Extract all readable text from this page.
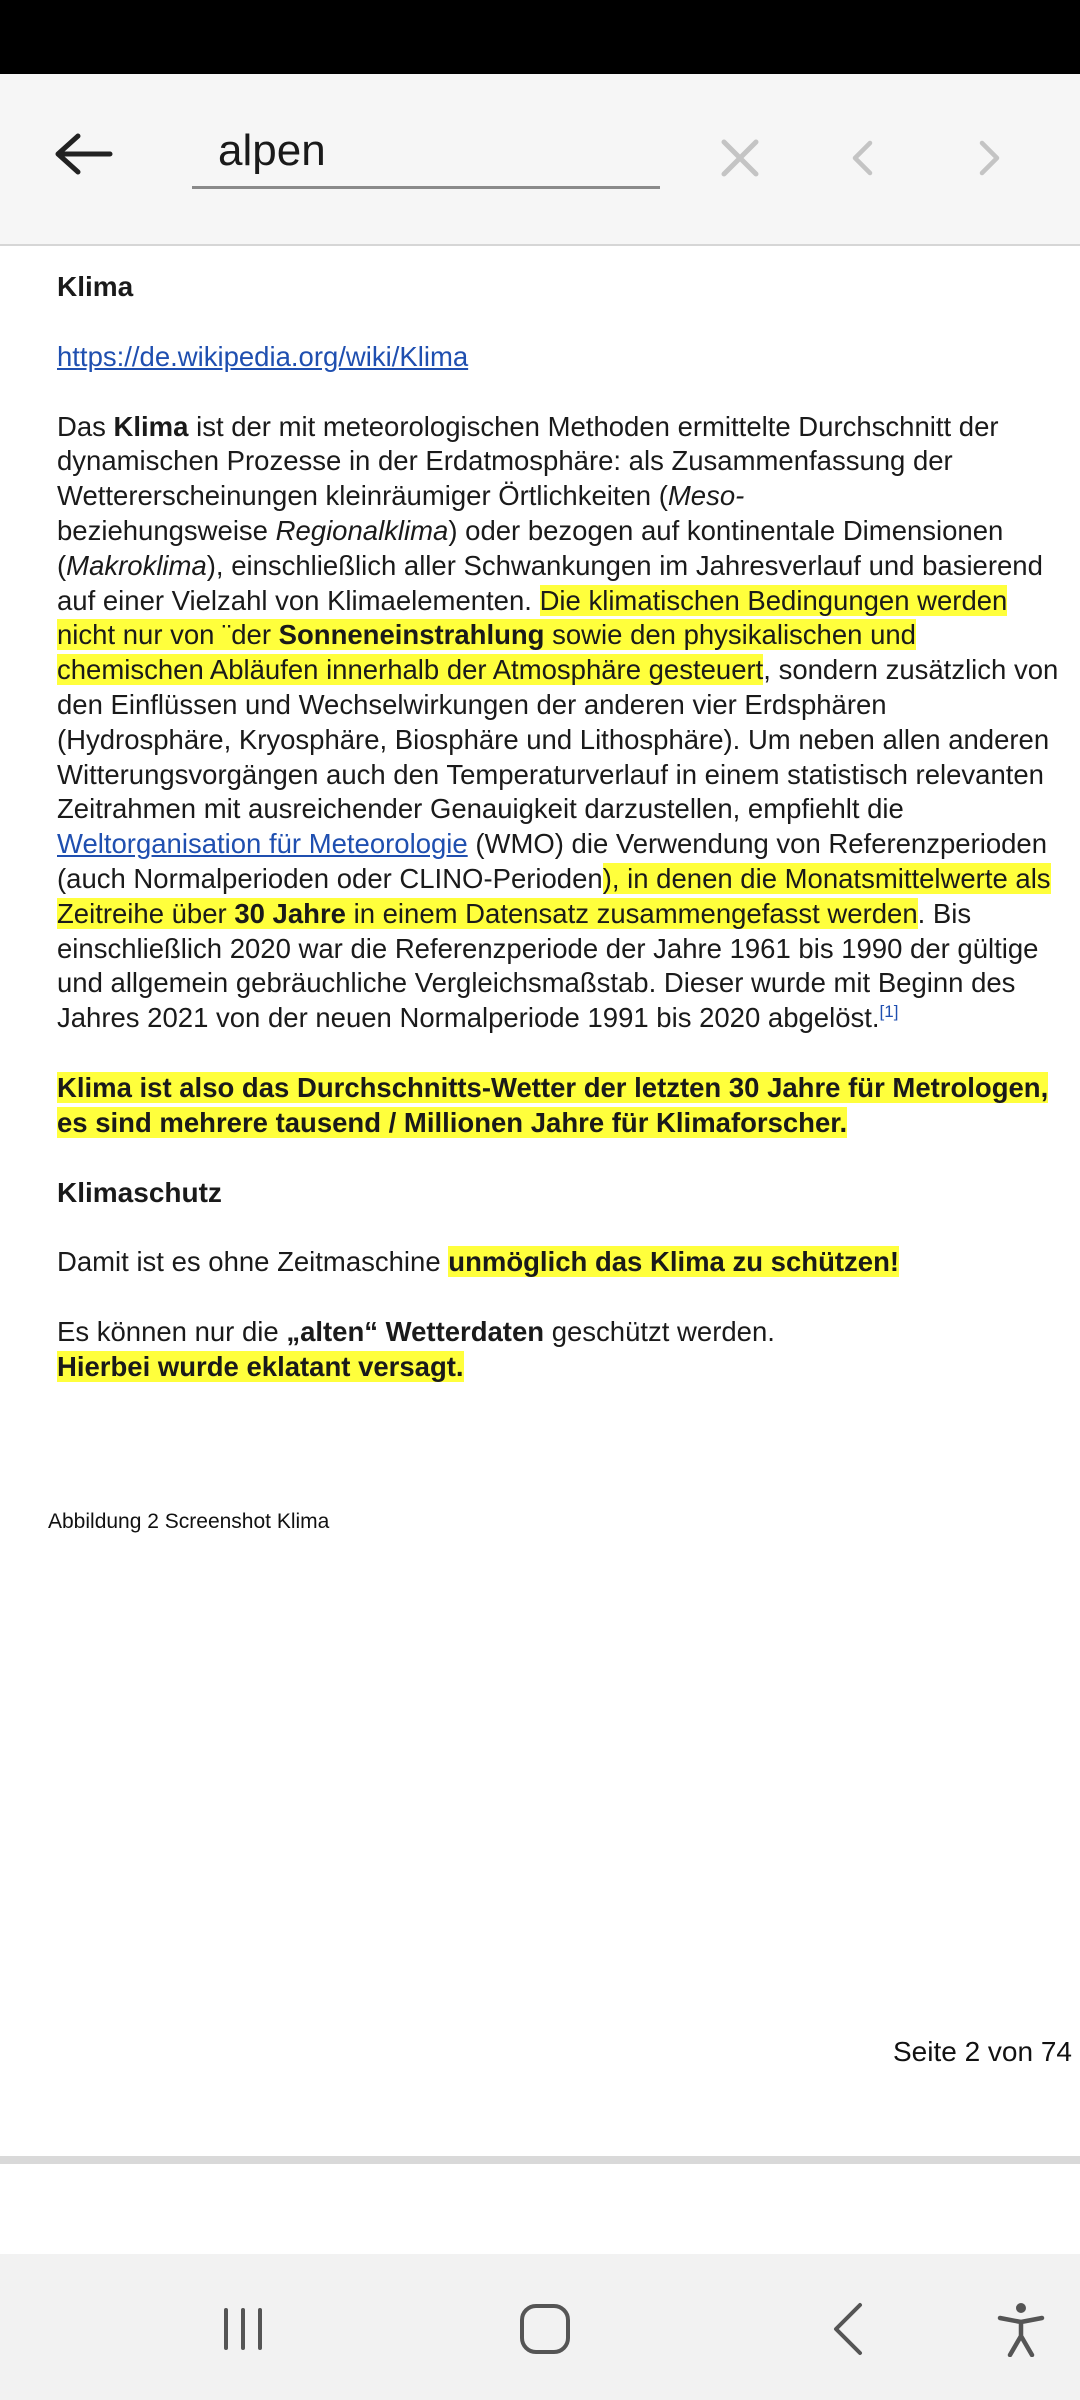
alpen

Klima

https://de.wikipedia.org/wiki/Klima

Das Klima ist der mit meteorologischen Methoden ermittelte Durchschnitt der dynamischen Prozesse in der Erdatmosphäre: als Zusammenfassung der Wettererscheinungen kleinräumiger Örtlichkeiten (Meso-
beziehungsweise Regionalklima) oder bezogen auf kontinentale Dimensionen (Makroklima), einschließlich aller Schwankungen im Jahresverlauf und basierend auf einer Vielzahl von Klimaelementen. Die klimatischen Bedingungen werden nicht nur von ¨der Sonneneinstrahlung sowie den physikalischen und chemischen Abläufen innerhalb der Atmosphäre gesteuert, sondern zusätzlich von den Einflüssen und Wechselwirkungen der anderen vier Erdsphären (Hydrosphäre, Kryosphäre, Biosphäre und Lithosphäre). Um neben allen anderen Witterungsvorgängen auch den Temperaturverlauf in einem statistisch relevanten Zeitrahmen mit ausreichender Genauigkeit darzustellen, empfiehlt die Weltorganisation für Meteorologie (WMO) die Verwendung von Referenzperioden (auch Normalperioden oder CLINO-Perioden), in denen die Monatsmittelwerte als Zeitreihe über 30 Jahre in einem Datensatz zusammengefasst werden. Bis einschließlich 2020 war die Referenzperiode der Jahre 1961 bis 1990 der gültige und allgemein gebräuchliche Vergleichsmaßstab. Dieser wurde mit Beginn des Jahres 2021 von der neuen Normalperiode 1991 bis 2020 abgelöst.[1]

Klima ist also das Durchschnitts-Wetter der letzten 30 Jahre für Metrologen, es sind mehrere tausend / Millionen Jahre für Klimaforscher.

Klimaschutz

Damit ist es ohne Zeitmaschine unmöglich das Klima zu schützen!

Es können nur die „alten“ Wetterdaten geschützt werden.
Hierbei wurde eklatant versagt.

Abbildung 2 Screenshot Klima
Seite 2 von 74
